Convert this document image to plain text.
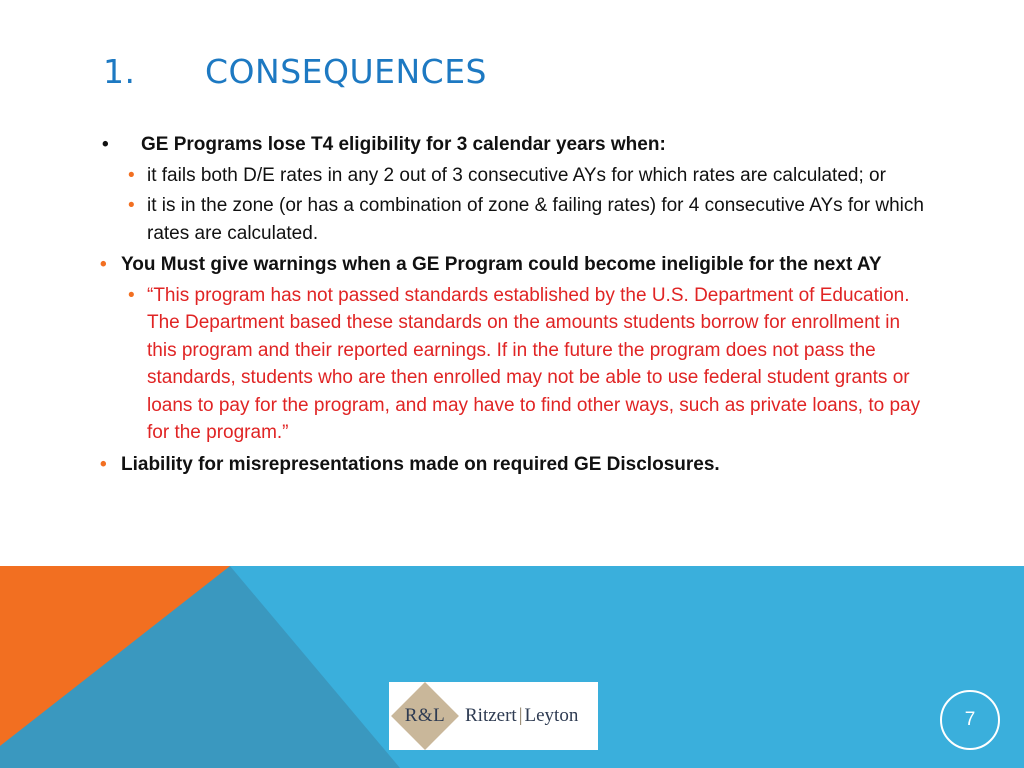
1.	CONSEQUENCES
• GE Programs lose T4 eligibility for 3 calendar years when:
• it fails both D/E rates in any 2 out of 3 consecutive AYs for which rates are calculated; or
• it is in the zone (or has a combination of zone & failing rates) for 4 consecutive AYs for which rates are calculated.
• You Must give warnings when a GE Program could become ineligible for the next AY
• “This program has not passed standards established by the U.S. Department of Education. The Department based these standards on the amounts students borrow for enrollment in this program and their reported earnings. If in the future the program does not pass the standards, students who are then enrolled may not be able to use federal student grants or loans to pay for the program, and may have to find other ways, such as private loans, to pay for the program.”
• Liability for misrepresentations made on required GE Disclosures.
R&L	Ritzert | Leyton	7
